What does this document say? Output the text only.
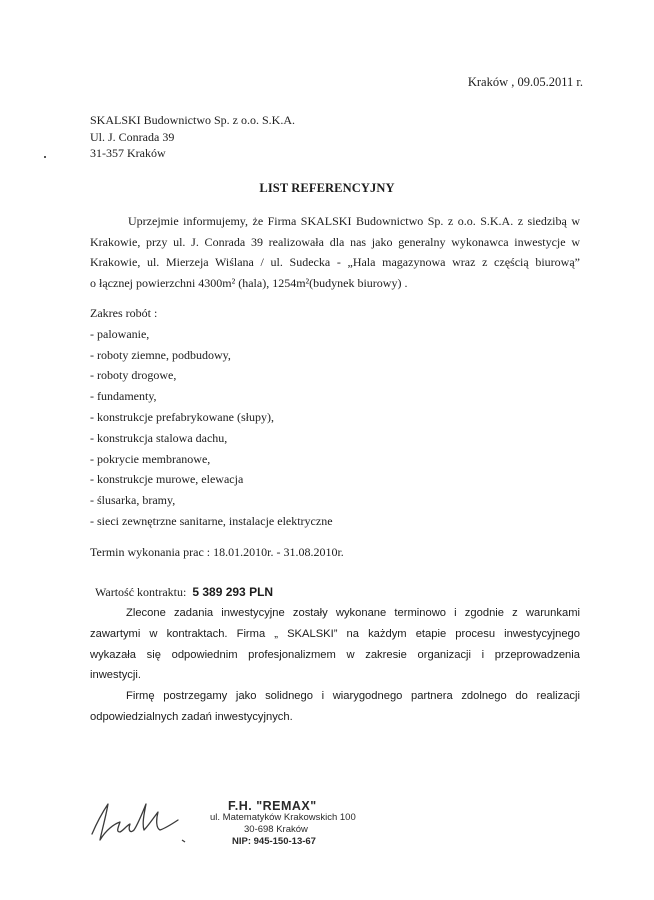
Kraków , 09.05.2011 r.
SKALSKI Budownictwo Sp. z o.o. S.K.A.
Ul. J. Conrada 39
31-357 Kraków
LIST REFERENCYJNY
Uprzejmie informujemy, że Firma SKALSKI Budownictwo Sp. z o.o. S.K.A. z siedzibą w
Krakowie, przy ul. J. Conrada 39 realizowała dla nas jako generalny wykonawca inwestycje w
Krakowie, ul. Mierzeja Wiślana / ul. Sudecka - „Hala magazynowa wraz z częścią biurową”
o łącznej powierzchni 4300m² (hala), 1254m²(budynek biurowy) .
Zakres robót :
- palowanie,
- roboty ziemne, podbudowy,
- roboty drogowe,
- fundamenty,
- konstrukcje prefabrykowane (słupy),
- konstrukcja stalowa dachu,
- pokrycie membranowe,
- konstrukcje murowe, elewacja
- ślusarka, bramy,
- sieci zewnętrzne sanitarne, instalacje elektryczne
Termin wykonania prac : 18.01.2010r. - 31.08.2010r.
Wartość kontraktu: 5 389 293 PLN
Zlecone zadania inwestycyjne zostały wykonane terminowo i zgodnie z warunkami
zawartymi w kontraktach. Firma „ SKALSKI” na każdym etapie procesu inwestycyjnego
wykazała się odpowiednim profesjonalizmem w zakresie organizacji i przeprowadzenia
inwestycji.
Firmę postrzegamy jako solidnego i wiarygodnego partnera zdolnego do realizacji
odpowiedzialnych zadań inwestycyjnych.
F.H. "REMAX"
ul. Matematyków Krakowskich 100
30-698 Kraków
NIP: 945-150-13-67
